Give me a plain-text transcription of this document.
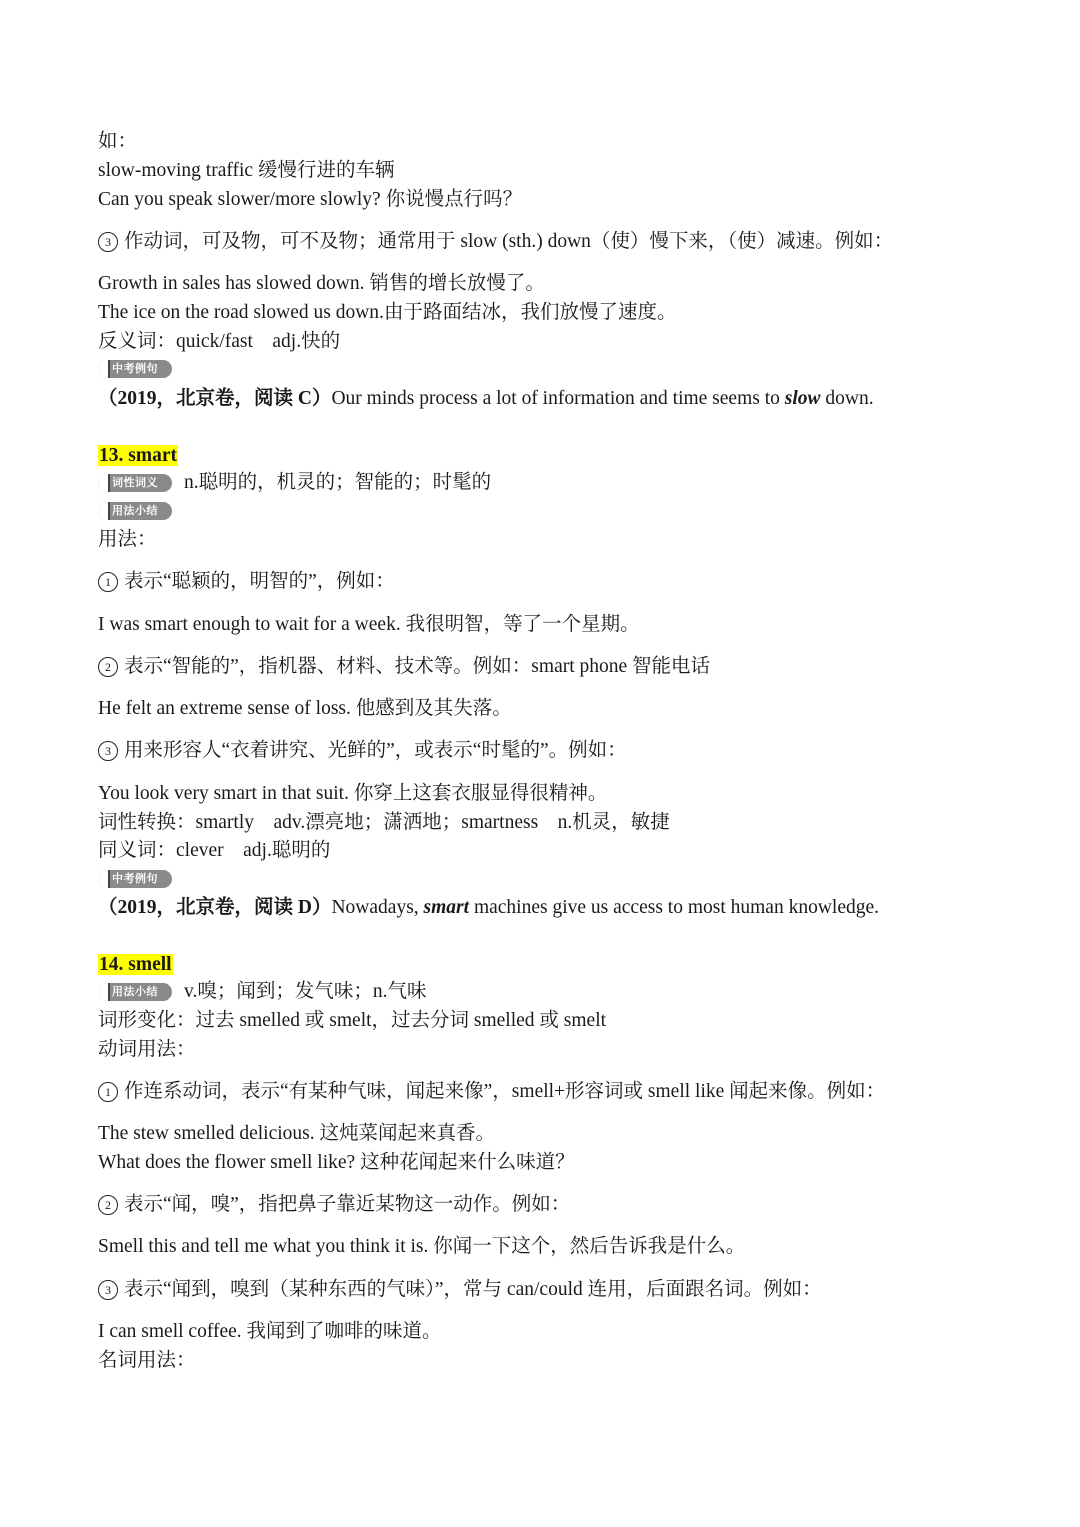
如：
slow-moving traffic 缓慢行进的车辆
Can you speak slower/more slowly? 你说慢点行吗？
3 作动词，可及物，可不及物；通常用于 slow (sth.) down（使）慢下来，（使）减速。例如：
Growth in sales has slowed down. 销售的增长放慢了。
The ice on the road slowed us down.由于路面结冰，我们放慢了速度。
反义词：quick/fast　adj.快的
中考例句
（2019，北京卷，阅读 C）Our minds process a lot of information and time seems to slow down.
13. smart
词性词义	n.聪明的，机灵的；智能的；时髦的
用法小结
用法：
1 表示“聪颖的，明智的”，例如：
I was smart enough to wait for a week. 我很明智，等了一个星期。
2 表示“智能的”，指机器、材料、技术等。例如：smart phone 智能电话
He felt an extreme sense of loss. 他感到及其失落。
3 用来形容人“衣着讲究、光鲜的”，或表示“时髦的”。例如：
You look very smart in that suit. 你穿上这套衣服显得很精神。
词性转换：smartly　adv.漂亮地；潇洒地；smartness　n.机灵，敏捷
同义词：clever　adj.聪明的
中考例句
（2019，北京卷，阅读 D）Nowadays, smart machines give us access to most human knowledge.
14. smell
用法小结	v.嗅；闻到；发气味；n.气味
词形变化：过去 smelled 或 smelt，过去分词 smelled 或 smelt
动词用法：
1 作连系动词，表示“有某种气味，闻起来像”，smell+形容词或 smell like 闻起来像。例如：
The stew smelled delicious. 这炖菜闻起来真香。
What does the flower smell like? 这种花闻起来什么味道？
2 表示“闻，嗅”，指把鼻子靠近某物这一动作。例如：
Smell this and tell me what you think it is. 你闻一下这个，然后告诉我是什么。
3 表示“闻到，嗅到（某种东西的气味）”，常与 can/could 连用，后面跟名词。例如：
I can smell coffee. 我闻到了咖啡的味道。
名词用法：
